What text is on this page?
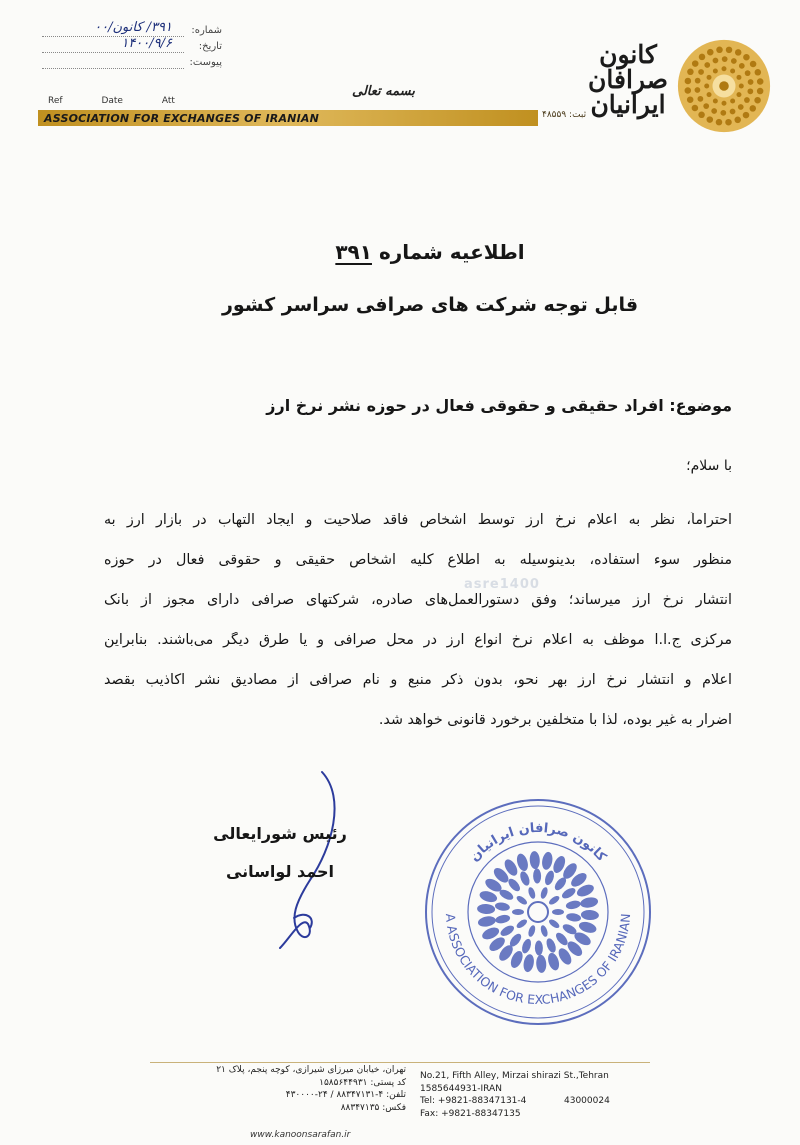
کانون
صرافان
ایرانیان
ثبت: ۴۸۵۵۹
شماره:
۳۹۱/ کانون/۰۰
تاریخ:
۱۴۰۰/۹/۶
پیوست:
بسمه تعالی
Ref	Date	Att
ASSOCIATION FOR EXCHANGES OF IRANIAN
اطلاعیه شماره ۳۹۱
قابل توجه شرکت های صرافی سراسر کشور
موضوع: افراد حقیقی و حقوقی فعال در حوزه نشر نرخ ارز
با سلام؛
احتراماً، نظر به اعلام نرخ ارز توسط اشخاص فاقد صلاحیت و ایجاد التهاب در بازار ارز به
منظور سوء استفاده، بدینوسیله به اطلاع کلیه اشخاص حقیقی و حقوقی فعال در حوزه
انتشار نرخ ارز میرساند؛ وفق دستورالعمل‌های صادره، شرکتهای صرافی دارای مجوز از بانک
مرکزی ج.ا.ا موظف به اعلام نرخ انواع ارز در محل صرافی و یا طرق دیگر می‌باشند. بنابراین
اعلام و انتشار نرخ ارز بهر نحو، بدون ذکر منبع و نام صرافی از مصادیق نشر اکاذیب بقصد
اضرار به غیر بوده، لذا با متخلفین برخورد قانونی خواهد شد.
asre1400
رئیس شورایعالی
احمد لواسانی
A ASSOCIATION FOR EXCHANGES OF IRANIAN
کانون صرافان ایرانیان
تهران، خیابان میرزای شیرازی، کوچه پنجم، پلاک ۲۱
کد پستی: ۱۵۸۵۶۴۴۹۳۱
تلفن: ۴-۸۸۳۴۷۱۳۱ / ۲۴-۴۳۰۰۰۰
فکس: ۸۸۳۴۷۱۳۵
No.21, Fifth Alley, Mirzai shirazi St.,Tehran
1585644931-IRAN
Tel: +9821-88347131-4	43000024
Fax: +9821-88347135
www.kanoonsarafan.ir
